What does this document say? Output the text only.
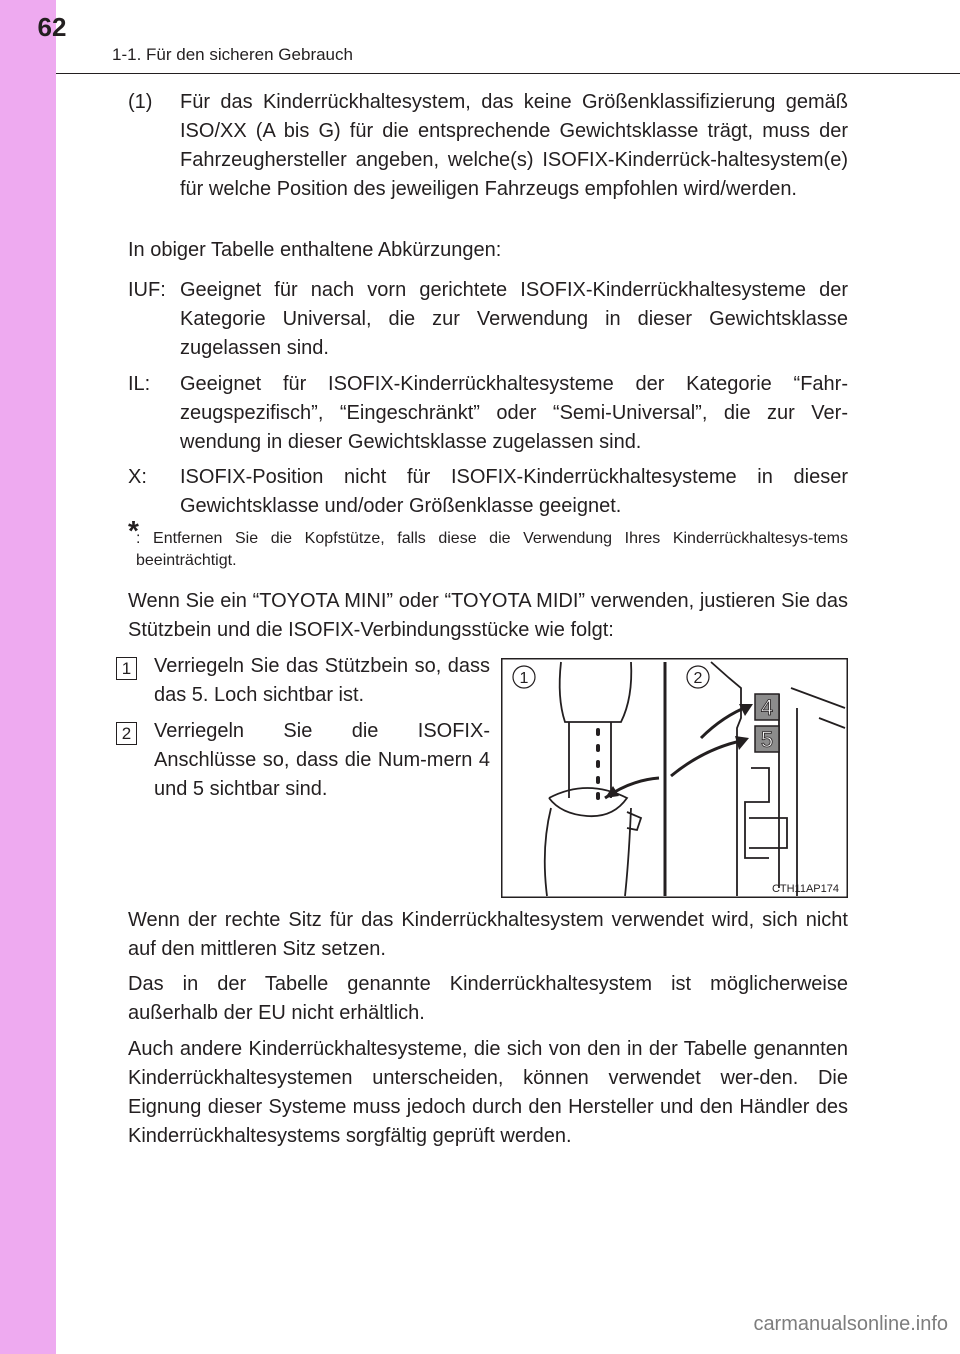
62
1-1. Für den sicheren Gebrauch
(1) Für das Kinderrückhaltesystem, das keine Größenklassifizierung gemäß ISO/XX (A bis G) für die entsprechende Gewichtsklasse trägt, muss der Fahrzeughersteller angeben, welche(s) ISOFIX-Kinderrück-haltesystem(e) für welche Position des jeweiligen Fahrzeugs empfohlen wird/werden.

In obiger Tabelle enthaltene Abkürzungen:

IUF: Geeignet für nach vorn gerichtete ISOFIX-Kinderrückhaltesysteme der Kategorie Universal, die zur Verwendung in dieser Gewichtsklasse zugelassen sind.
IL: Geeignet für ISOFIX-Kinderrückhaltesysteme der Kategorie “Fahr-zeugspezifisch”, “Eingeschränkt” oder “Semi-Universal”, die zur Ver-wendung in dieser Gewichtsklasse zugelassen sind.
X: ISOFIX-Position nicht für ISOFIX-Kinderrückhaltesysteme in dieser Gewichtsklasse und/oder Größenklasse geeignet.
*
: Entfernen Sie die Kopfstütze, falls diese die Verwendung Ihres Kinderrückhaltesys-tems beeinträchtigt.

Wenn Sie ein “TOYOTA MINI” oder “TOYOTA MIDI” verwenden, justieren Sie das Stützbein und die ISOFIX-Verbindungsstücke wie folgt:

1 Verriegeln Sie das Stützbein so, dass das 5. Loch sichtbar ist.
2 Verriegeln Sie die ISOFIX-Anschlüsse so, dass die Num-mern 4 und 5 sichtbar sind.
4
5
1	2
CTH11AP174

Wenn der rechte Sitz für das Kinderrückhaltesystem verwendet wird, sich nicht auf den mittleren Sitz setzen.

Das in der Tabelle genannte Kinderrückhaltesystem ist möglicherweise außerhalb der EU nicht erhältlich.

Auch andere Kinderrückhaltesysteme, die sich von den in der Tabelle genannten Kinderrückhaltesystemen unterscheiden, können verwendet wer-den. Die Eignung dieser Systeme muss jedoch durch den Hersteller und den Händler des Kinderrückhaltesystems sorgfältig geprüft werden.

carmanualsonline.info
